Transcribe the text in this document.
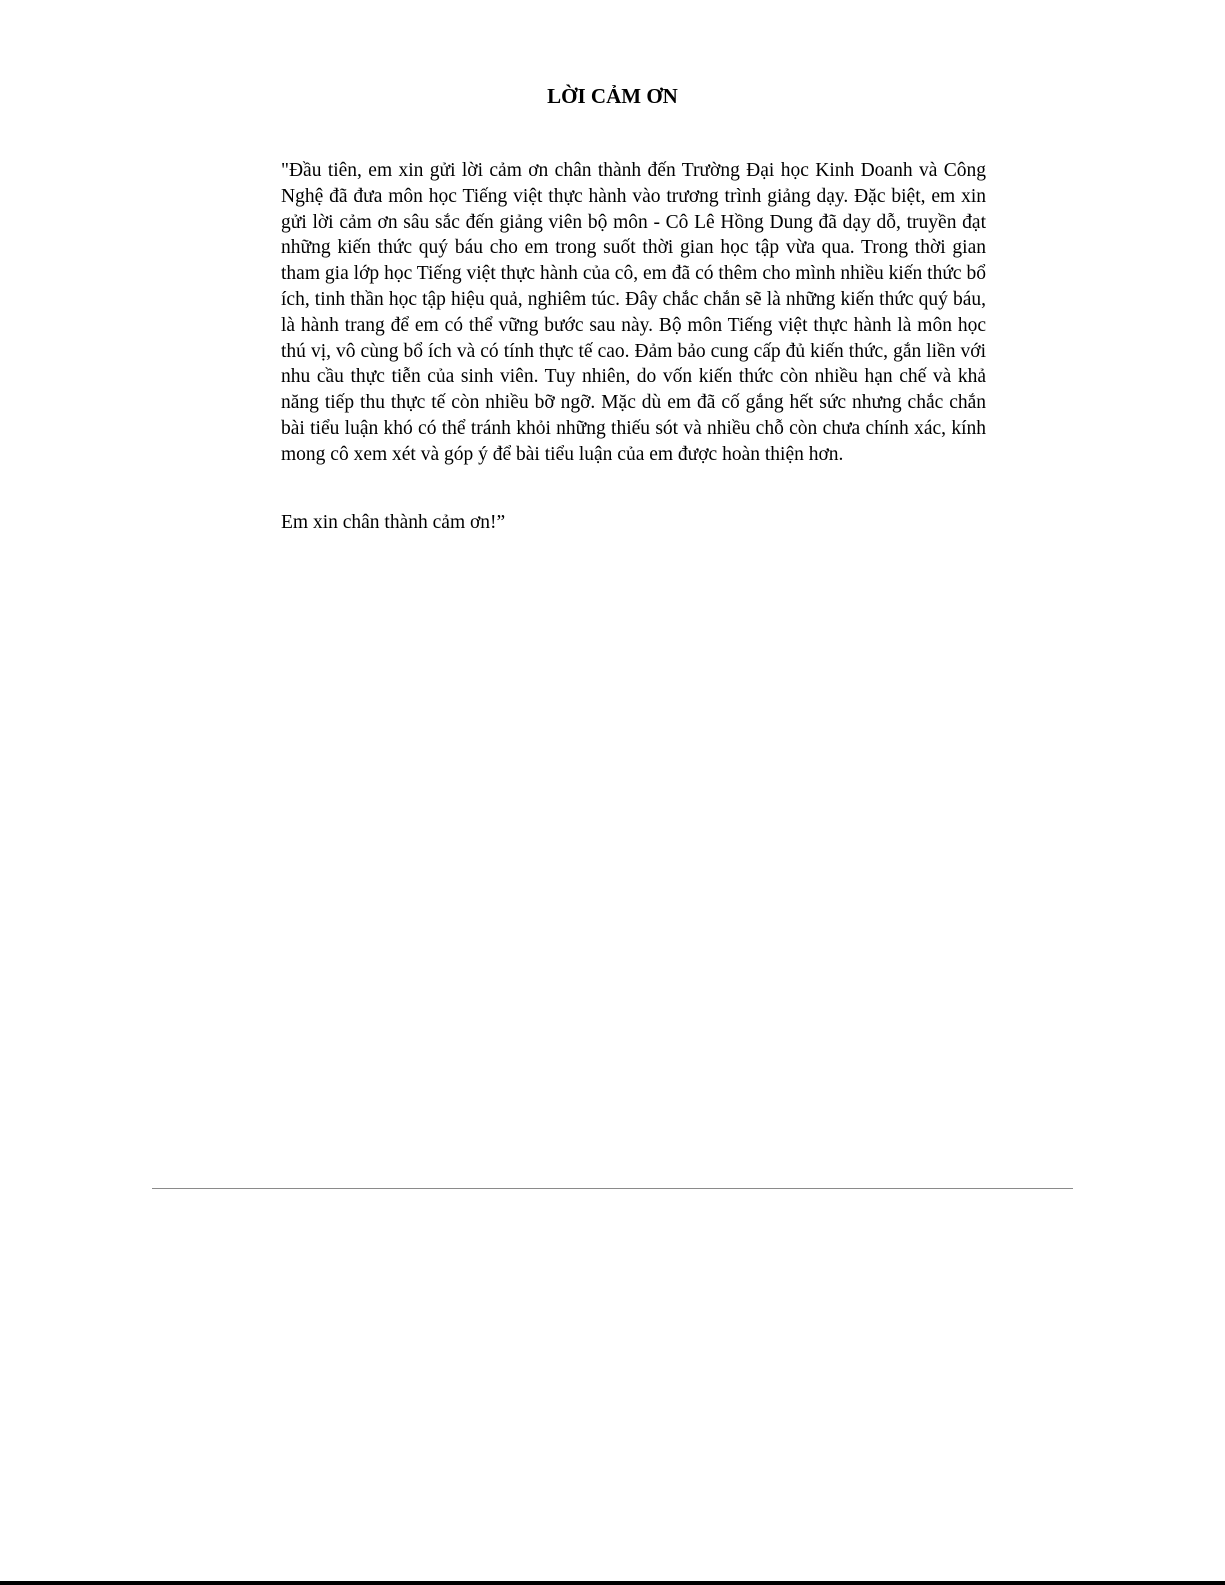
LỜI CẢM ƠN

"Đầu tiên, em xin gửi lời cảm ơn chân thành đến Trường Đại học Kinh Doanh và Công Nghệ đã đưa môn học Tiếng việt thực hành vào trương trình giảng dạy. Đặc biệt, em xin gửi lời cảm ơn sâu sắc đến giảng viên bộ môn - Cô Lê Hồng Dung đã dạy dỗ, truyền đạt những kiến thức quý báu cho em trong suốt thời gian học tập vừa qua. Trong thời gian tham gia lớp học Tiếng việt thực hành của cô, em đã có thêm cho mình nhiều kiến thức bổ ích, tinh thần học tập hiệu quả, nghiêm túc. Đây chắc chắn sẽ là những kiến thức quý báu, là hành trang để em có thể vững bước sau này. Bộ môn Tiếng việt thực hành là môn học thú vị, vô cùng bổ ích và có tính thực tế cao. Đảm bảo cung cấp đủ kiến thức, gắn liền với nhu cầu thực tiễn của sinh viên. Tuy nhiên, do vốn kiến thức còn nhiều hạn chế và khả năng tiếp thu thực tế còn nhiều bỡ ngỡ. Mặc dù em đã cố gắng hết sức nhưng chắc chắn bài tiểu luận khó có thể tránh khỏi những thiếu sót và nhiều chỗ còn chưa chính xác, kính mong cô xem xét và góp ý để bài tiểu luận của em được hoàn thiện hơn.

Em xin chân thành cảm ơn!”
